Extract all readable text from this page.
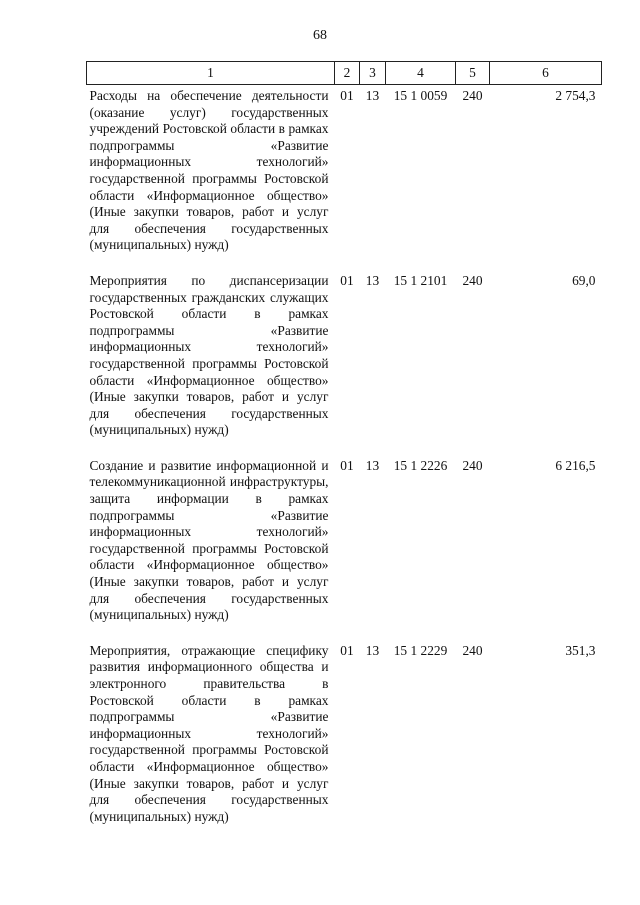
68
1	2	3	4	5	6
Расходы на обеспечение деятельности (оказание услуг) государственных учреждений Ростовской области в рамках подпрограммы «Развитие информационных технологий» государственной программы Ростовской области «Информационное общество» (Иные закупки товаров, работ и услуг для обеспечения государственных (муниципальных) нужд)	01	13	15 1 0059	240	2 754,3
Мероприятия по диспансеризации государственных гражданских служащих Ростовской области в рамках подпрограммы «Развитие информационных технологий» государственной программы Ростовской области «Информационное общество» (Иные закупки товаров, работ и услуг для обеспечения государственных (муниципальных) нужд)	01	13	15 1 2101	240	69,0
Создание и развитие информационной и телекоммуникационной инфраструктуры, защита информации в рамках подпрограммы «Развитие информационных технологий» государственной программы Ростовской области «Информационное общество» (Иные закупки товаров, работ и услуг для обеспечения государственных (муниципальных) нужд)	01	13	15 1 2226	240	6 216,5
Мероприятия, отражающие специфику развития информационного общества и электронного правительства в Ростовской области в рамках подпрограммы «Развитие информационных технологий» государственной программы Ростовской области «Информационное общество» (Иные закупки товаров, работ и услуг для обеспечения государственных (муниципальных) нужд)	01	13	15 1 2229	240	351,3
